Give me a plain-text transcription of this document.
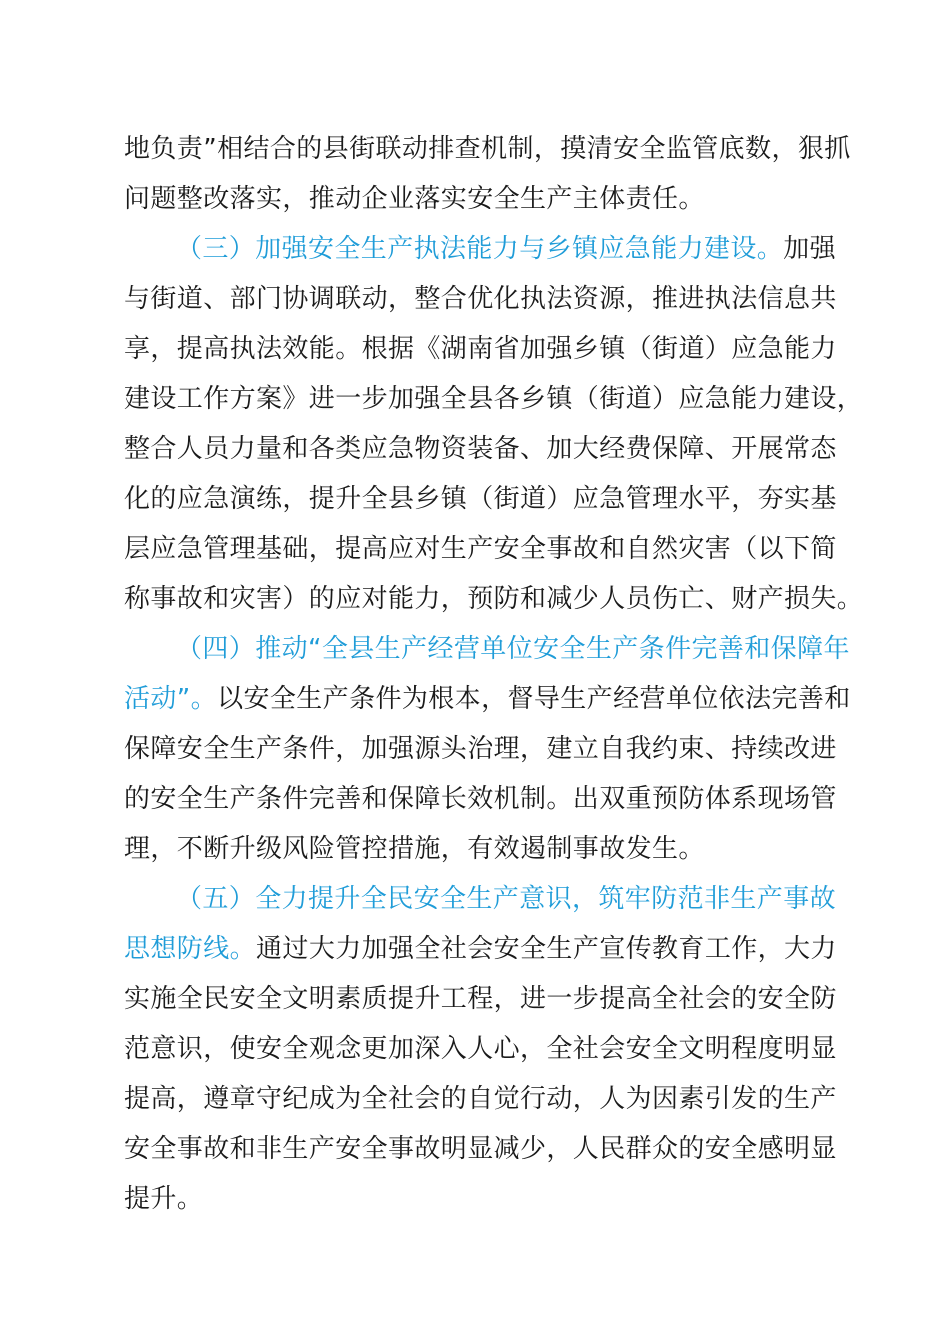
地负责”相结合的县街联动排查机制，摸清安全监管底数，狠抓
问题整改落实，推动企业落实安全生产主体责任。
（三）加强安全生产执法能力与乡镇应急能力建设。加强
与街道、部门协调联动，整合优化执法资源，推进执法信息共
享，提高执法效能。根据《湖南省加强乡镇（街道）应急能力
建设工作方案》进一步加强全县各乡镇（街道）应急能力建设，
整合人员力量和各类应急物资装备、加大经费保障、开展常态
化的应急演练，提升全县乡镇（街道）应急管理水平，夯实基
层应急管理基础，提高应对生产安全事故和自然灾害（以下简
称事故和灾害）的应对能力，预防和减少人员伤亡、财产损失。
（四）推动“全县生产经营单位安全生产条件完善和保障年
活动”。以安全生产条件为根本，督导生产经营单位依法完善和
保障安全生产条件，加强源头治理，建立自我约束、持续改进
的安全生产条件完善和保障长效机制。出双重预防体系现场管
理，不断升级风险管控措施，有效遏制事故发生。
（五）全力提升全民安全生产意识，筑牢防范非生产事故
思想防线。通过大力加强全社会安全生产宣传教育工作，大力
实施全民安全文明素质提升工程，进一步提高全社会的安全防
范意识，使安全观念更加深入人心，全社会安全文明程度明显
提高，遵章守纪成为全社会的自觉行动，人为因素引发的生产
安全事故和非生产安全事故明显减少，人民群众的安全感明显
提升。
